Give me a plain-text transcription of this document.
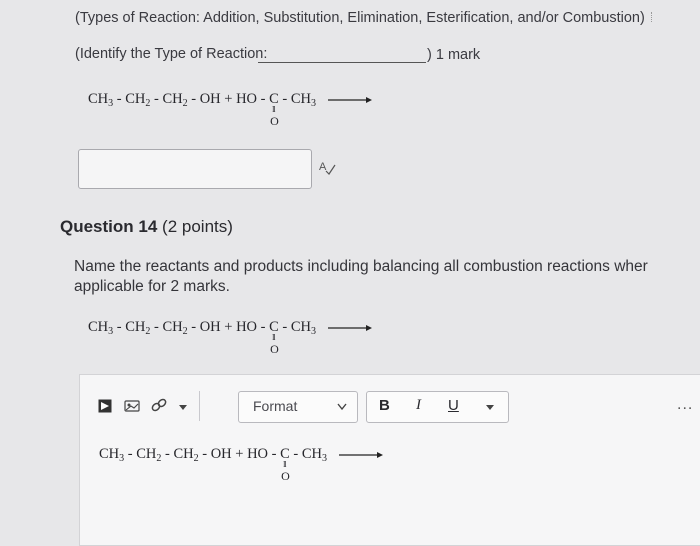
(Types of Reaction: Addition, Substitution, Elimination, Esterification, and/or Combustion)
(Identify the Type of Reaction:	) 1 mark
$CH_3 - CH_2 - CH_2$ - OH + HO - C
ll
O
- $CH_3$ →
A
Question 14 (2 points)
Name the reactants and products including balancing all combustion reactions wher
applicable for 2 marks.
$CH_3 - CH_2 - CH_2$ - OH + HO - C
ll
O
- $CH_3$ →
Format	B I U	...
$CH_3 - CH_2 - CH_2$ - OH + HO - C
ll
O
- $CH_3$ →
